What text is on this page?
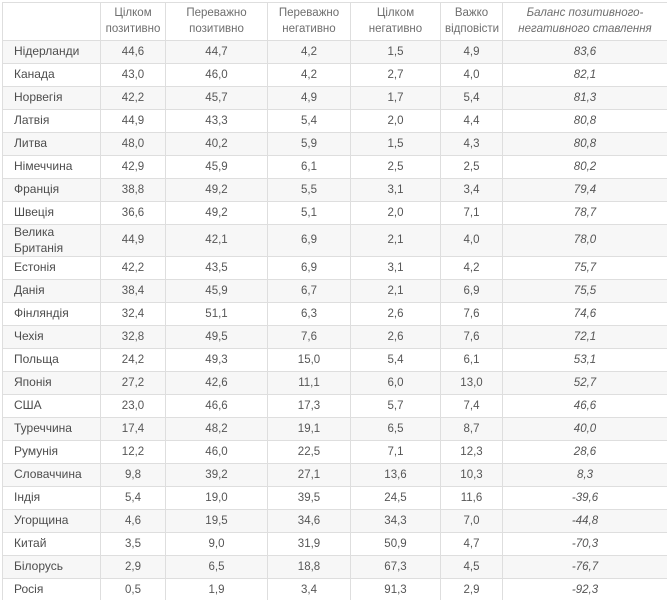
	Цілком позитивно	Переважно позитивно	Переважно негативно	Цілком негативно	Важко відповісти	Баланс позитивного-негативного ставлення
Нідерланди	44,6	44,7	4,2	1,5	4,9	83,6
Канада	43,0	46,0	4,2	2,7	4,0	82,1
Норвегія	42,2	45,7	4,9	1,7	5,4	81,3
Латвія	44,9	43,3	5,4	2,0	4,4	80,8
Литва	48,0	40,2	5,9	1,5	4,3	80,8
Німеччина	42,9	45,9	6,1	2,5	2,5	80,2
Франція	38,8	49,2	5,5	3,1	3,4	79,4
Швеція	36,6	49,2	5,1	2,0	7,1	78,7
Велика Британія	44,9	42,1	6,9	2,1	4,0	78,0
Естонія	42,2	43,5	6,9	3,1	4,2	75,7
Данія	38,4	45,9	6,7	2,1	6,9	75,5
Фінляндія	32,4	51,1	6,3	2,6	7,6	74,6
Чехія	32,8	49,5	7,6	2,6	7,6	72,1
Польща	24,2	49,3	15,0	5,4	6,1	53,1
Японія	27,2	42,6	11,1	6,0	13,0	52,7
США	23,0	46,6	17,3	5,7	7,4	46,6
Туреччина	17,4	48,2	19,1	6,5	8,7	40,0
Румунія	12,2	46,0	22,5	7,1	12,3	28,6
Словаччина	9,8	39,2	27,1	13,6	10,3	8,3
Індія	5,4	19,0	39,5	24,5	11,6	-39,6
Угорщина	4,6	19,5	34,6	34,3	7,0	-44,8
Китай	3,5	9,0	31,9	50,9	4,7	-70,3
Білорусь	2,9	6,5	18,8	67,3	4,5	-76,7
Росія	0,5	1,9	3,4	91,3	2,9	-92,3
